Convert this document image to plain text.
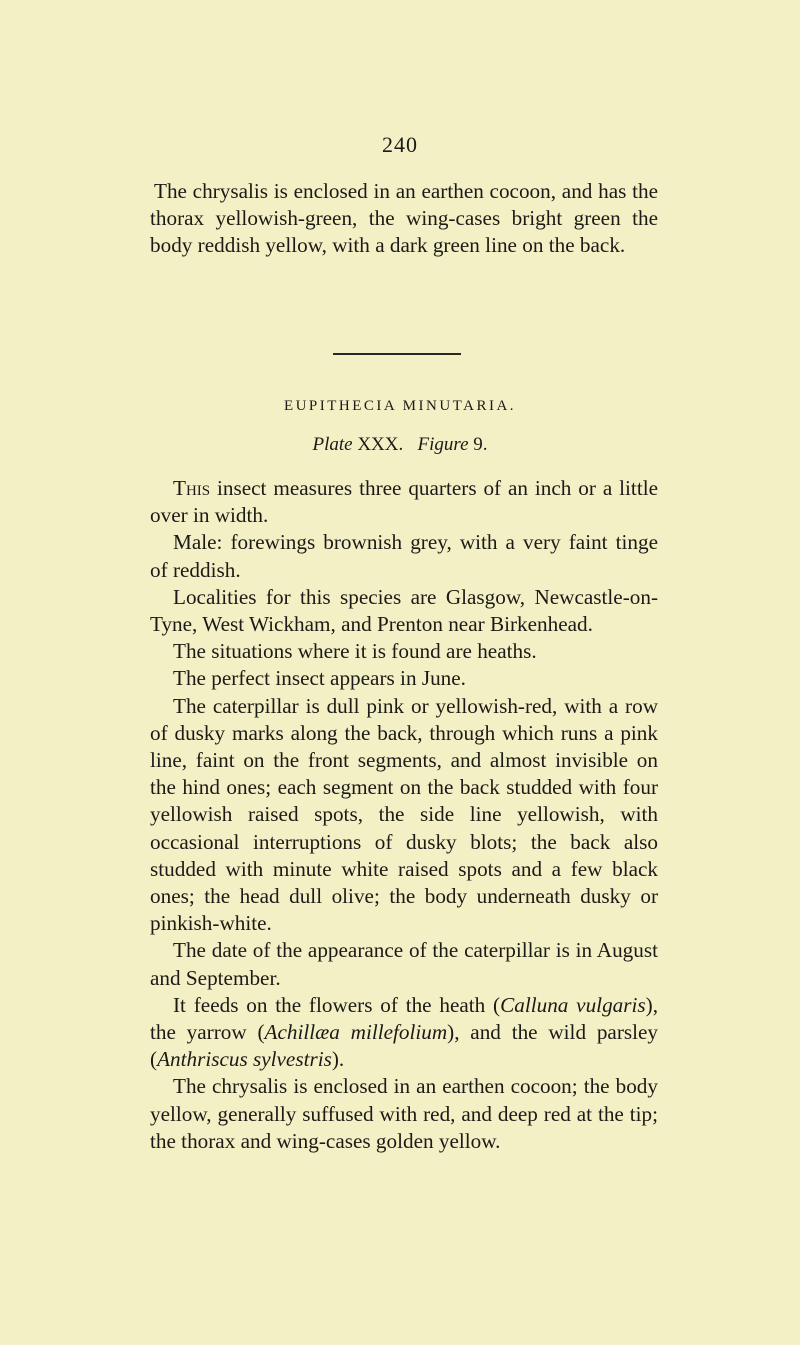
240

The chrysalis is enclosed in an earthen cocoon, and has the thorax yellowish-green, the wing-cases bright green the body reddish yellow, with a dark green line on the back.

EUPITHECIA MINUTARIA.
Plate XXX. Figure 9.

This insect measures three quarters of an inch or a little over in width.

Male: forewings brownish grey, with a very faint tinge of reddish.

Localities for this species are Glasgow, Newcastle-on-Tyne, West Wickham, and Prenton near Birkenhead.

The situations where it is found are heaths.

The perfect insect appears in June.

The caterpillar is dull pink or yellowish-red, with a row of dusky marks along the back, through which runs a pink line, faint on the front segments, and almost invisible on the hind ones; each segment on the back studded with four yellowish raised spots, the side line yellowish, with occasional interruptions of dusky blots; the back also studded with minute white raised spots and a few black ones; the head dull olive; the body underneath dusky or pinkish-white.

The date of the appearance of the caterpillar is in August and September.

It feeds on the flowers of the heath (Calluna vulgaris), the yarrow (Achillæa millefolium), and the wild parsley (Anthriscus sylvestris).

The chrysalis is enclosed in an earthen cocoon; the body yellow, generally suffused with red, and deep red at the tip; the thorax and wing-cases golden yellow.
